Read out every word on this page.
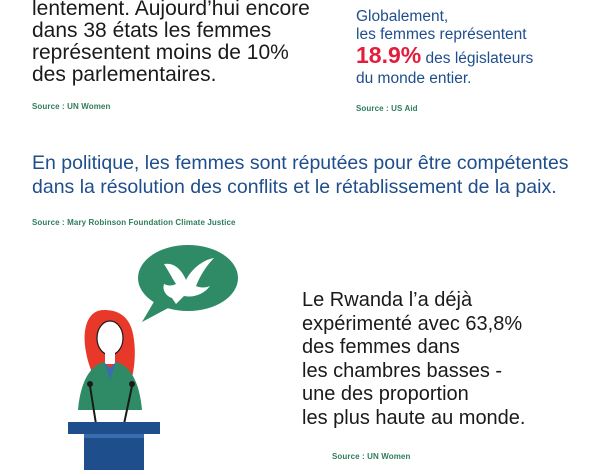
lentement. Aujourd’hui encore
dans 38 états les femmes
représentent moins de 10%
des parlementaires.
Source : UN Women
Globalement,
les femmes représentent
18.9% des législateurs
du monde entier.
Source : US Aid
En politique, les femmes sont réputées pour être compétentes
dans la résolution des conflits et le rétablissement de la paix.
Source : Mary Robinson Foundation Climate Justice
Le Rwanda l’a déjà
expérimenté avec 63,8%
des femmes dans
les chambres basses -
une des proportion
les plus haute au monde.
Source : UN Women
